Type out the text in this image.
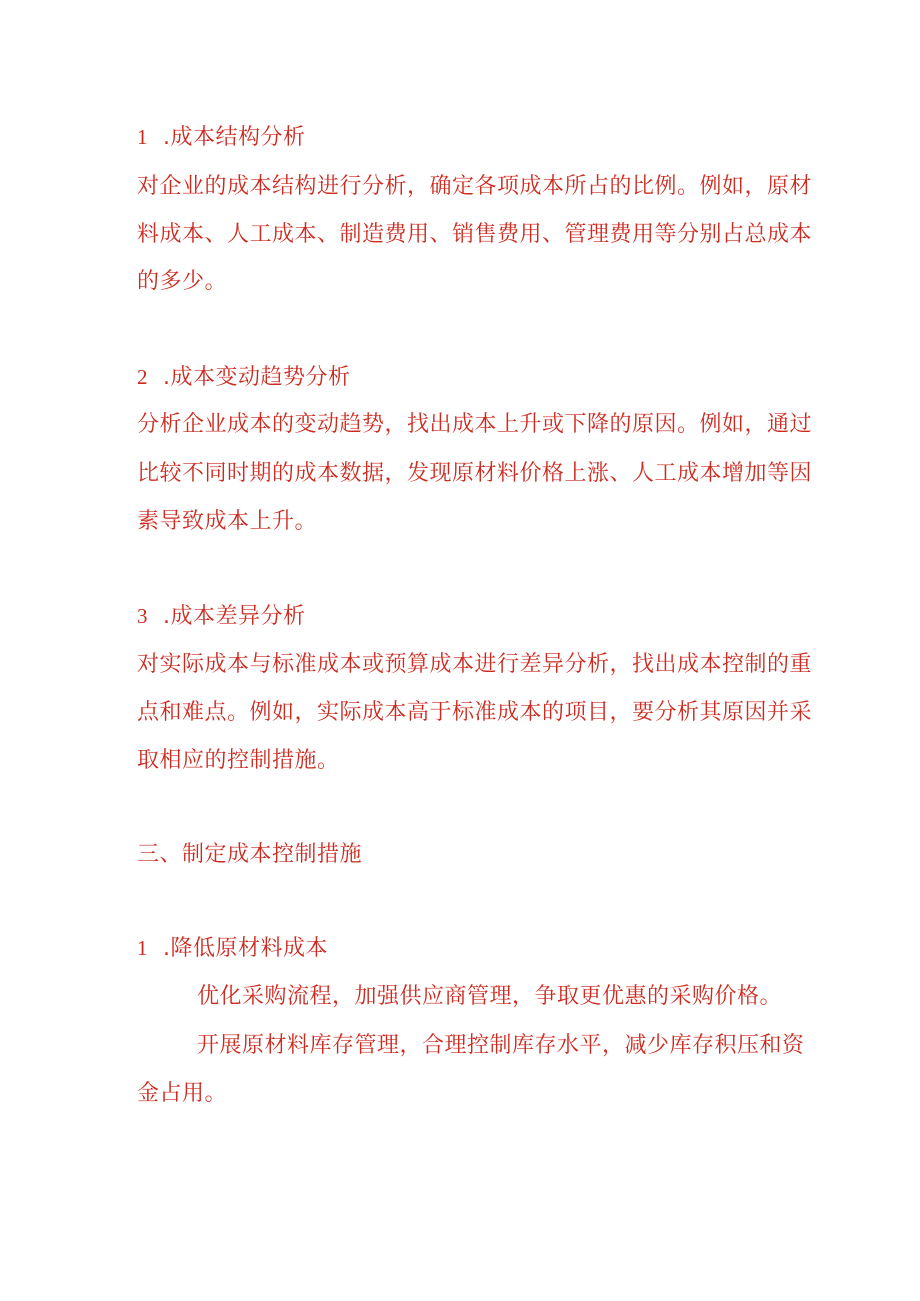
1 .成本结构分析
对企业的成本结构进行分析，确定各项成本所占的比例。例如，原材
料成本、人工成本、制造费用、销售费用、管理费用等分别占总成本
的多少。
2 .成本变动趋势分析
分析企业成本的变动趋势，找出成本上升或下降的原因。例如，通过
比较不同时期的成本数据，发现原材料价格上涨、人工成本增加等因
素导致成本上升。
3 .成本差异分析
对实际成本与标准成本或预算成本进行差异分析，找出成本控制的重
点和难点。例如，实际成本高于标准成本的项目，要分析其原因并采
取相应的控制措施。
三、制定成本控制措施
1 .降低原材料成本
优化采购流程，加强供应商管理，争取更优惠的采购价格。
开展原材料库存管理，合理控制库存水平，减少库存积压和资
金占用。
